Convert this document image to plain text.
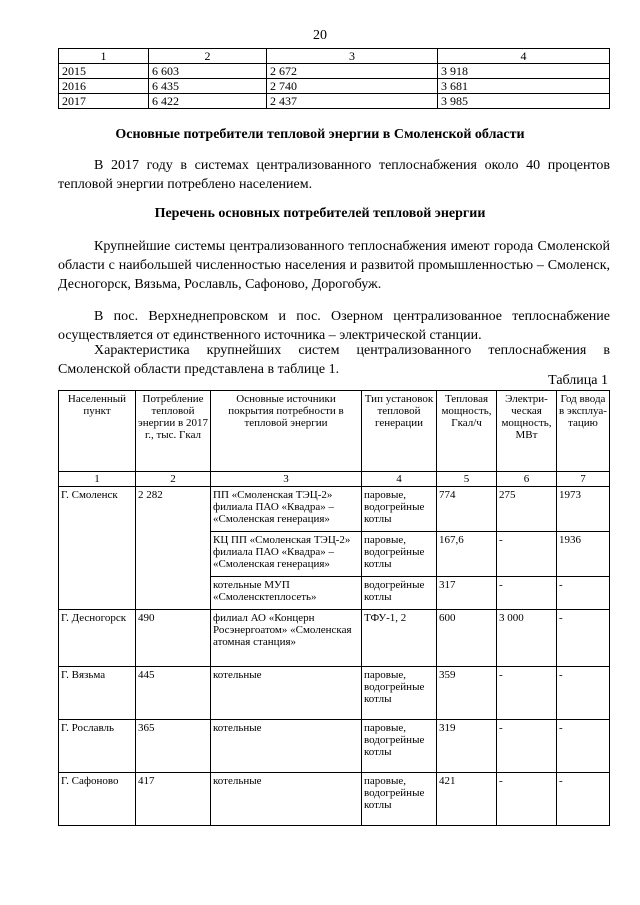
20
1	2	3	4
2015	6 603	2 672	3 918
2016	6 435	2 740	3 681
2017	6 422	2 437	3 985
Основные потребители тепловой энергии в Смоленской области

В 2017 году в системах централизованного теплоснабжения около 40 процентов тепловой энергии потреблено населением.

Перечень основных потребителей тепловой энергии

Крупнейшие системы централизованного теплоснабжения имеют города Смоленской области с наибольшей численностью населения и развитой промышленностью – Смоленск, Десногорск, Вязьма, Рославль, Сафоново, Дорогобуж.

В пос. Верхнеднепровском и пос. Озерном централизованное теплоснабжение осуществляется от единственного источника – электрической станции.

Характеристика крупнейших систем централизованного теплоснабжения в Смоленской области представлена в таблице 1.

Таблица 1
Населенный пункт	Потребление тепловой энергии в 2017 г., тыс. Гкал	Основные источники покрытия потребности в тепловой энергии	Тип установок тепловой генерации	Тепловая мощность, Гкал/ч	Электри-ческая мощность, МВт	Год ввода в эксплуа-тацию
1	2	3	4	5	6	7
Г. Смоленск	2 282	ПП «Смоленская ТЭЦ-2» филиала ПАО «Квадра» – «Смоленская генерация»	паровые, водогрейные котлы	774	275	1973
		КЦ ПП «Смоленская ТЭЦ-2» филиала ПАО «Квадра» – «Смоленская генерация»	паровые, водогрейные котлы	167,6	-	1936
		котельные МУП «Смоленсктеплосеть»	водогрейные котлы	317	-	-
Г. Десногорск	490	филиал АО «Концерн Росэнергоатом» «Смоленская атомная станция»	ТФУ-1, 2	600	3 000	-
Г. Вязьма	445	котельные	паровые, водогрейные котлы	359	-	-
Г. Рославль	365	котельные	паровые, водогрейные котлы	319	-	-
Г. Сафоново	417	котельные	паровые, водогрейные котлы	421	-	-
